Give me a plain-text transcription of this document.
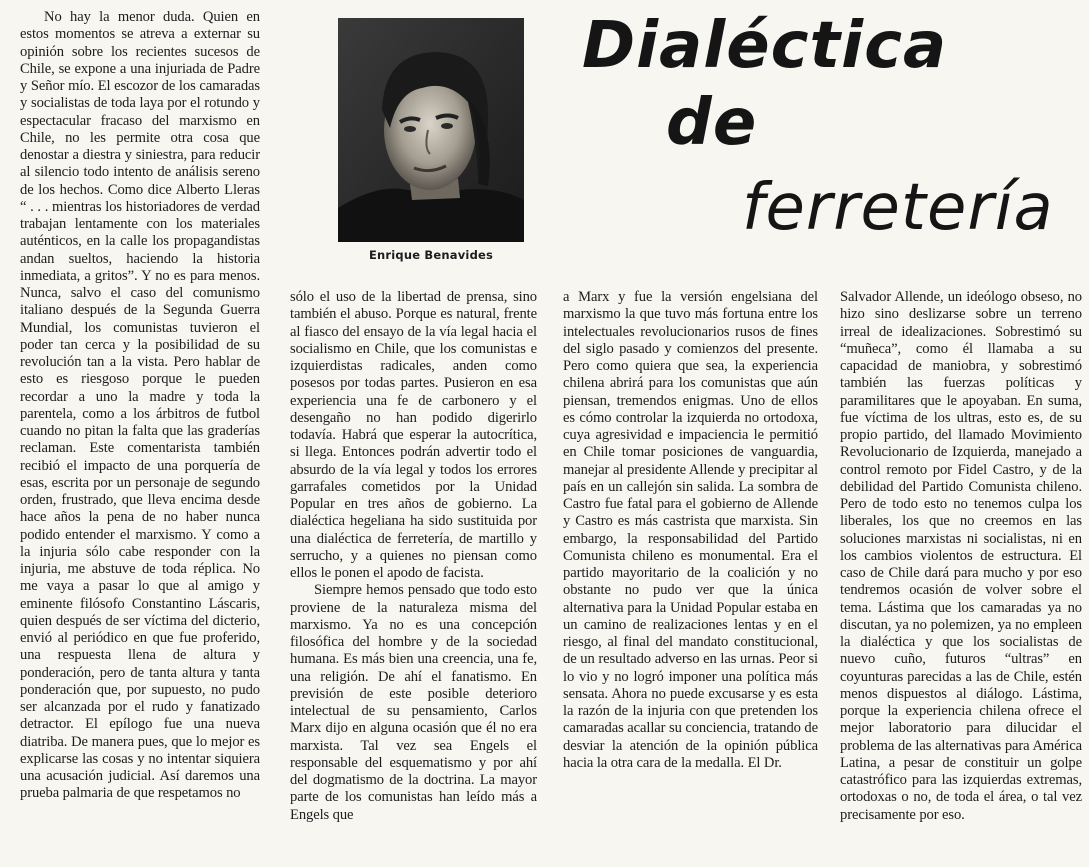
Dialéctica
de
ferretería
Enrique Benavides

No hay la menor duda. Quien en estos momentos se atreva a externar su opinión sobre los recientes sucesos de Chile, se expone a una injuriada de Padre y Señor mío. El escozor de los camaradas y socialistas de toda laya por el rotundo y espectacular fracaso del marxismo en Chile, no les permite otra cosa que denostar a diestra y siniestra, para reducir al silencio todo intento de análisis sereno de los hechos. Como dice Alberto Lleras “ . . . mientras los historiadores de verdad trabajan lentamente con los materiales auténticos, en la calle los propagandistas andan sueltos, haciendo la historia inmediata, a gritos”. Y no es para menos. Nunca, salvo el caso del comunismo italiano después de la Segunda Guerra Mundial, los comunistas tuvieron el poder tan cerca y la posibilidad de su revolución tan a la vista. Pero hablar de esto es riesgoso porque le pueden recordar a uno la madre y toda la parentela, como a los árbitros de futbol cuando no pitan la falta que las graderías reclaman. Este comentarista también recibió el impacto de una porquería de esas, escrita por un personaje de segundo orden, frustrado, que lleva encima desde hace años la pena de no haber nunca podido entender el marxismo. Y como a la injuria sólo cabe responder con la injuria, me abstuve de toda réplica. No me vaya a pasar lo que al amigo y eminente filósofo Constantino Láscaris, quien después de ser víctima del dicterio, envió al periódico en que fue proferido, una respuesta llena de altura y ponderación, pero de tanta altura y tanta ponderación que, por supuesto, no pudo ser alcanzada por el rudo y fanatizado detractor. El epílogo fue una nueva diatriba. De manera pues, que lo mejor es explicarse las cosas y no intentar siquiera una acusación judicial. Así daremos una prueba palmaria de que respetamos no

sólo el uso de la libertad de prensa, sino también el abuso. Porque es natural, frente al fiasco del ensayo de la vía legal hacia el socialismo en Chile, que los comunistas e izquierdistas radicales, anden como posesos por todas partes. Pusieron en esa experiencia una fe de carbonero y el desengaño no han podido digerirlo todavía. Habrá que esperar la autocrítica, si llega. Entonces podrán advertir todo el absurdo de la vía legal y todos los errores garrafales cometidos por la Unidad Popular en tres años de gobierno. La dialéctica hegeliana ha sido sustituida por una dialéctica de ferretería, de martillo y serrucho, y a quienes no piensan como ellos le ponen el apodo de facista.

Siempre hemos pensado que todo esto proviene de la naturaleza misma del marxismo. Ya no es una concepción filosófica del hombre y de la sociedad humana. Es más bien una creencia, una fe, una religión. De ahí el fanatismo. En previsión de este posible deterioro intelectual de su pensamiento, Carlos Marx dijo en alguna ocasión que él no era marxista. Tal vez sea Engels el responsable del esquematismo y por ahí del dogmatismo de la doctrina. La mayor parte de los comunistas han leído más a Engels que

a Marx y fue la versión engelsiana del marxismo la que tuvo más fortuna entre los intelectuales revolucionarios rusos de fines del siglo pasado y comienzos del presente. Pero como quiera que sea, la experiencia chilena abrirá para los comunistas que aún piensan, tremendos enigmas. Uno de ellos es cómo controlar la izquierda no ortodoxa, cuya agresividad e impaciencia le permitió en Chile tomar posiciones de vanguardia, manejar al presidente Allende y precipitar al país en un callejón sin salida. La sombra de Castro fue fatal para el gobierno de Allende y Castro es más castrista que marxista. Sin embargo, la responsabilidad del Partido Comunista chileno es monumental. Era el partido mayoritario de la coalición y no obstante no pudo ver que la única alternativa para la Unidad Popular estaba en un camino de realizaciones lentas y en el riesgo, al final del mandato constitucional, de un resultado adverso en las urnas. Peor si lo vio y no logró imponer una política más sensata. Ahora no puede excusarse y es esta la razón de la injuria con que pretenden los camaradas acallar su conciencia, tratando de desviar la atención de la opinión pública hacia la otra cara de la medalla. El Dr.

Salvador Allende, un ideólogo obseso, no hizo sino deslizarse sobre un terreno irreal de idealizaciones. Sobrestimó su “muñeca”, como él llamaba a su capacidad de maniobra, y sobrestimó también las fuerzas políticas y paramilitares que le apoyaban. En suma, fue víctima de los ultras, esto es, de su propio partido, del llamado Movimiento Revolucionario de Izquierda, manejado a control remoto por Fidel Castro, y de la debilidad del Partido Comunista chileno. Pero de todo esto no tenemos culpa los liberales, los que no creemos en las soluciones marxistas ni socialistas, ni en los cambios violentos de estructura. El caso de Chile dará para mucho y por eso tendremos ocasión de volver sobre el tema. Lástima que los camaradas ya no discutan, ya no polemizen, ya no empleen la dialéctica y que los socialistas de nuevo cuño, futuros “ultras” en coyunturas parecidas a las de Chile, estén menos dispuestos al diálogo. Lástima, porque la experiencia chilena ofrece el mejor laboratorio para dilucidar el problema de las alternativas para América Latina, a pesar de constituir un golpe catastrófico para las izquierdas extremas, ortodoxas o no, de toda el área, o tal vez precisamente por eso.
